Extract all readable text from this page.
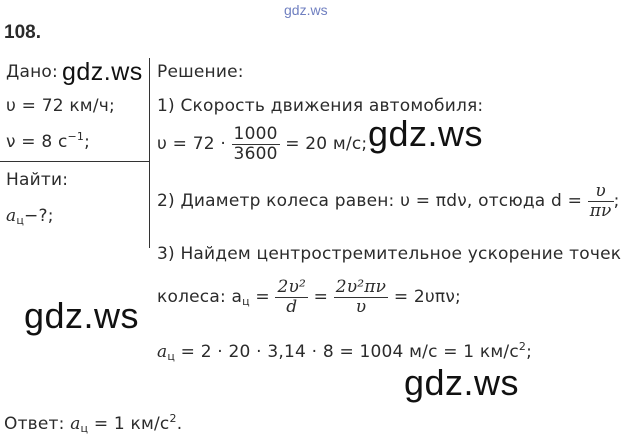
gdz.ws
108.
Дано:
υ = 72 км/ч;
ν = 8 $с^{-1}$;
Найти:
$a_ц-$?;
Решение:
1) Скорость движения автомобиля:
$\upsilon = 72 \cdot \frac{1000}{3600} = 20$ м/с;
2) Диаметр колеса равен: υ = πdν, отсюда $d = \frac{\upsilon}{\pi\nu}$ ;
3) Найдем центростремительное ускорение точек
колеса: $a_ц = \frac{\text{2υ²}}{d} = \frac{\text{2υ²πν}}{\upsilon} = 2\upsilon\pi\nu$;
$a_ц = 2 \cdot 20 \cdot 3,14 \cdot 8 = 1004$ м/с = 1 $км/с^2$;
Ответ: $a_ц = 1$ $км/с^2$.
gdz.ws
gdz.ws
gdz.ws
gdz.ws
